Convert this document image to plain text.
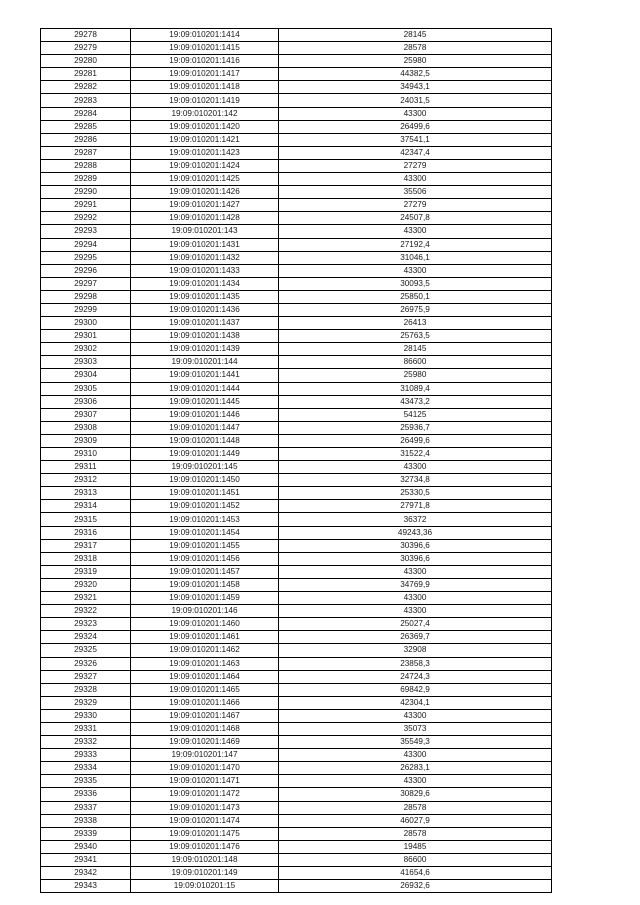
29278	19:09:010201:1414	28145
29279	19:09:010201:1415	28578
29280	19:09:010201:1416	25980
29281	19:09:010201:1417	44382,5
29282	19:09:010201:1418	34943,1
29283	19:09:010201:1419	24031,5
29284	19:09:010201:142	43300
29285	19:09:010201:1420	26499,6
29286	19:09:010201:1421	37541,1
29287	19:09:010201:1423	42347,4
29288	19:09:010201:1424	27279
29289	19:09:010201:1425	43300
29290	19:09:010201:1426	35506
29291	19:09:010201:1427	27279
29292	19:09:010201:1428	24507,8
29293	19:09:010201:143	43300
29294	19:09:010201:1431	27192,4
29295	19:09:010201:1432	31046,1
29296	19:09:010201:1433	43300
29297	19:09:010201:1434	30093,5
29298	19:09:010201:1435	25850,1
29299	19:09:010201:1436	26975,9
29300	19:09:010201:1437	26413
29301	19:09:010201:1438	25763,5
29302	19:09:010201:1439	28145
29303	19:09:010201:144	86600
29304	19:09:010201:1441	25980
29305	19:09:010201:1444	31089,4
29306	19:09:010201:1445	43473,2
29307	19:09:010201:1446	54125
29308	19:09:010201:1447	25936,7
29309	19:09:010201:1448	26499,6
29310	19:09:010201:1449	31522,4
29311	19:09:010201:145	43300
29312	19:09:010201:1450	32734,8
29313	19:09:010201:1451	25330,5
29314	19:09:010201:1452	27971,8
29315	19:09:010201:1453	36372
29316	19:09:010201:1454	49243,36
29317	19:09:010201:1455	30396,6
29318	19:09:010201:1456	30396,6
29319	19:09:010201:1457	43300
29320	19:09:010201:1458	34769,9
29321	19:09:010201:1459	43300
29322	19:09:010201:146	43300
29323	19:09:010201:1460	25027,4
29324	19:09:010201:1461	26369,7
29325	19:09:010201:1462	32908
29326	19:09:010201:1463	23858,3
29327	19:09:010201:1464	24724,3
29328	19:09:010201:1465	69842,9
29329	19:09:010201:1466	42304,1
29330	19:09:010201:1467	43300
29331	19:09:010201:1468	35073
29332	19:09:010201:1469	35549,3
29333	19:09:010201:147	43300
29334	19:09:010201:1470	26283,1
29335	19:09:010201:1471	43300
29336	19:09:010201:1472	30829,6
29337	19:09:010201:1473	28578
29338	19:09:010201:1474	46027,9
29339	19:09:010201:1475	28578
29340	19:09:010201:1476	19485
29341	19:09:010201:148	86600
29342	19:09:010201:149	41654,6
29343	19:09:010201:15	26932,6
